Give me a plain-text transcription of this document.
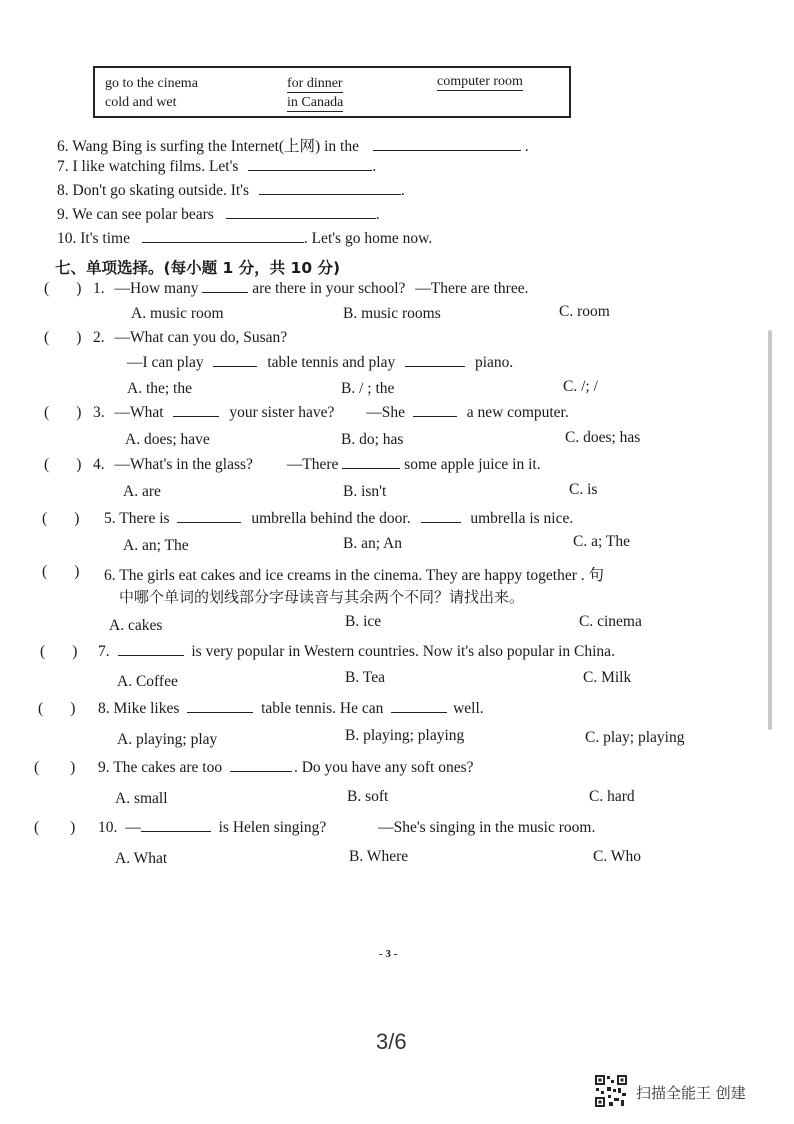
go to the cinema	for dinner	computer room
cold and wet	in Canada
6. Wang Bing is surfing the Internet(上网) in the	.
7. I like watching films. Let's	.
8. Don't go skating outside. It's	.
9. We can see polar bears	.
10. It's time	. Let's go home now.
七、单项选择。(每小题 1 分，共 10 分)
(       ) 1. —How many	are there in your school? —There are three.
A. music room	B. music rooms	C. room
(       ) 2. —What can you do, Susan?
—I can play	table tennis and play	piano.
A. the; the	B. / ; the	C. /; /
(       ) 3. —What	your sister have? —She	a new computer.
A. does; have	B. do; has	C. does; has
(       ) 4. —What's in the glass? —There	some apple juice in it.
A. are	B. isn't	C. is
(       ) 5. There is	umbrella behind the door.	umbrella is nice.
A. an; The	B. an; An	C. a; The
(       ) 6. The girls eat cakes and ice creams in the cinema. They are happy together . 句
中哪个单词的划线部分字母读音与其余两个不同？请找出来。
A. cakes	B. ice	C. cinema
(       ) 7.	is very popular in Western countries. Now it's also popular in China.
A. Coffee	B. Tea	C. Milk
(       ) 8. Mike likes	table tennis. He can	well.
A. playing; play	B. playing; playing	C. play; playing
(        ) 9. The cakes are too	. Do you have any soft ones?
A. small	B. soft	C. hard
(        ) 10. —	is Helen singing?	—She's singing in the music room.
A. What	B. Where	C. Who
- 3 -
3/6
扫描全能王 创建
